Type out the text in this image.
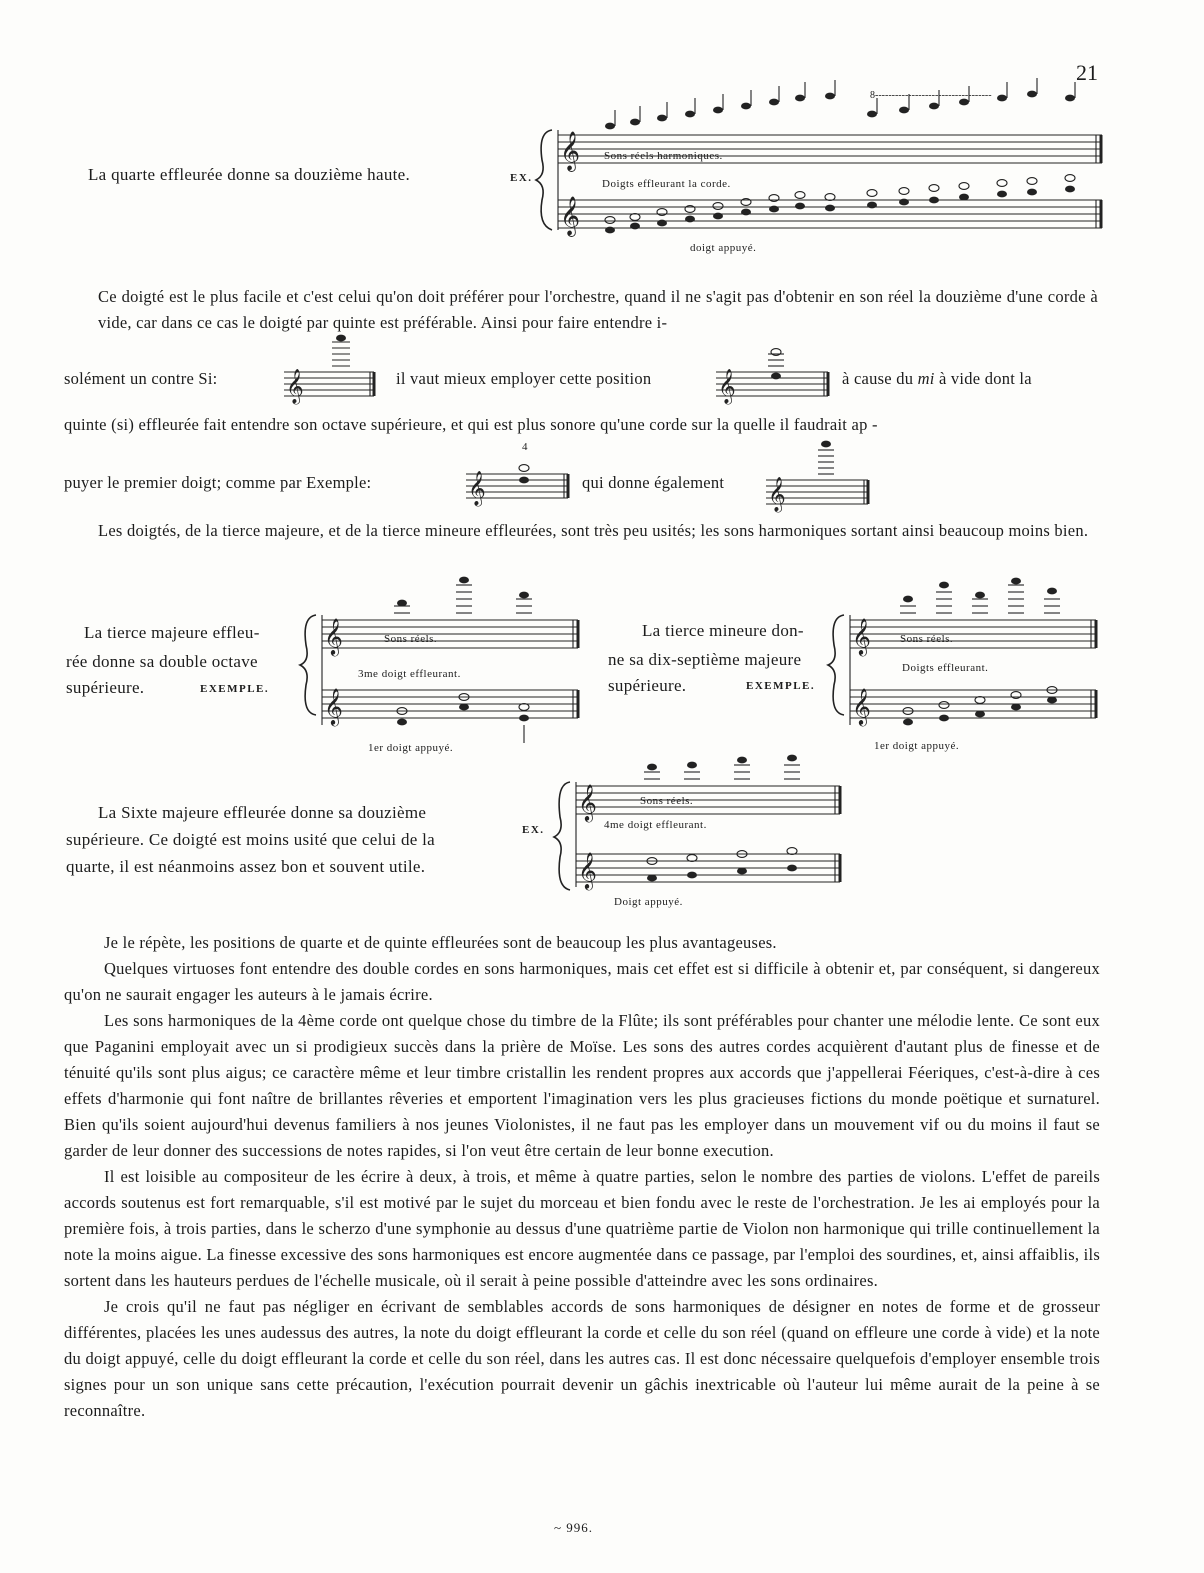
21
La quarte effleurée donne sa douzième haute.	EX.
𝄞
𝄞
Sons réels harmoniques.
Doigts effleurant la corde.
doigt appuyé.
8-----------------------------------
Ce doigté est le plus facile et c'est celui qu'on doit préférer pour l'orchestre, quand il ne s'agit pas d'obtenir en son réel la douzième d'une corde à vide, car dans ce cas le doigté par quinte est préférable. Ainsi pour faire entendre i-
solément un contre Si: 𝄞	il vaut mieux employer cette position 𝄞	à cause du mi à vide dont la
quinte (si) effleurée fait entendre son octave supérieure, et qui est plus sonore qu'une corde sur la quelle il faudrait ap -
puyer le premier doigt; comme par Exemple:	𝄞
4
qui donne également 𝄞
Les doigtés, de la tierce majeure, et de la tierce mineure effleurées, sont très peu usités; les sons harmoniques sortant ainsi beaucoup moins bien.
La tierce majeure effleu-
rée donne sa double octave
supérieure.	EXEMPLE.
𝄞
𝄞
Sons réels.
3me doigt effleurant.
1er doigt appuyé.
La tierce mineure don-
ne sa dix-septième majeure
supérieure.	EXEMPLE.
𝄞
𝄞
Sons réels.
Doigts effleurant.
1er doigt appuyé.
La Sixte majeure effleurée donne sa douzième
supérieure. Ce doigté est moins usité que celui de la
quarte, il est néanmoins assez bon et souvent utile.
EX.
𝄞
𝄞
Sons réels.
4me doigt effleurant.
Doigt appuyé.
Je le répète, les positions de quarte et de quinte effleurées sont de beaucoup les plus avantageuses.
Quelques virtuoses font entendre des double cordes en sons harmoniques, mais cet effet est si difficile à obtenir et, par conséquent, si dangereux qu'on ne saurait engager les auteurs à le jamais écrire.
Les sons harmoniques de la 4ème corde ont quelque chose du timbre de la Flûte; ils sont préférables pour chanter une mélodie lente. Ce sont eux que Paganini employait avec un si prodigieux succès dans la prière de Moïse. Les sons des autres cordes acquièrent d'autant plus de finesse et de ténuité qu'ils sont plus aigus; ce caractère même et leur timbre cristallin les rendent propres aux accords que j'appellerai Féeriques, c'est-à-dire à ces effets d'harmonie qui font naître de brillantes rêveries et emportent l'imagination vers les plus gracieuses fictions du monde poëtique et surnaturel. Bien qu'ils soient aujourd'hui devenus familiers à nos jeunes Violonistes, il ne faut pas les employer dans un mouvement vif ou du moins il faut se garder de leur donner des successions de notes rapides, si l'on veut être certain de leur bonne execution.
Il est loisible au compositeur de les écrire à deux, à trois, et même à quatre parties, selon le nombre des parties de violons. L'effet de pareils accords soutenus est fort remarquable, s'il est motivé par le sujet du morceau et bien fondu avec le reste de l'orchestration. Je les ai employés pour la première fois, à trois parties, dans le scherzo d'une symphonie au dessus d'une quatrième partie de Violon non harmonique qui trille continuellement la note la moins aigue. La finesse excessive des sons harmoniques est encore augmentée dans ce passage, par l'emploi des sourdines, et, ainsi affaiblis, ils sortent dans les hauteurs perdues de l'échelle musicale, où il serait à peine possible d'atteindre avec les sons ordinaires.
Je crois qu'il ne faut pas négliger en écrivant de semblables accords de sons harmoniques de désigner en notes de forme et de grosseur différentes, placées les unes audessus des autres, la note du doigt effleurant la corde et celle du son réel (quand on effleure une corde à vide) et la note du doigt appuyé, celle du doigt effleurant la corde et celle du son réel, dans les autres cas. Il est donc nécessaire quelquefois d'employer ensemble trois signes pour un son unique sans cette précaution, l'exécution pourrait devenir un gâchis inextricable où l'auteur lui même aurait de la peine à se reconnaître.
~ 996.
